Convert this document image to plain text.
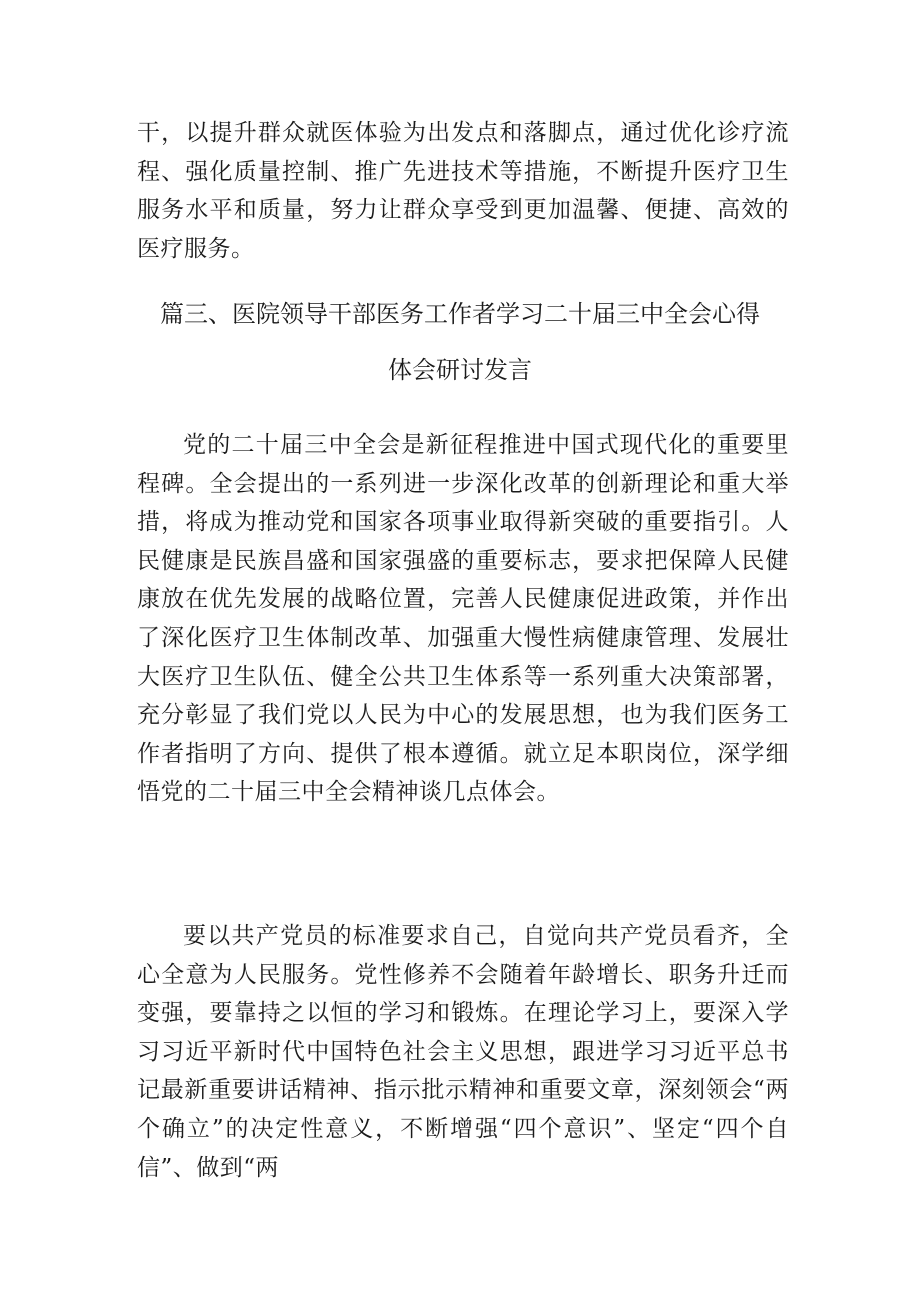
干，以提升群众就医体验为出发点和落脚点，通过优化诊疗流程、强化质量控制、推广先进技术等措施，不断提升医疗卫生服务水平和质量，努力让群众享受到更加温馨、便捷、高效的医疗服务。

篇三、医院领导干部医务工作者学习二十届三中全会心得
体会研讨发言

党的二十届三中全会是新征程推进中国式现代化的重要里程碑。全会提出的一系列进一步深化改革的创新理论和重大举措，将成为推动党和国家各项事业取得新突破的重要指引。人民健康是民族昌盛和国家强盛的重要标志，要求把保障人民健康放在优先发展的战略位置，完善人民健康促进政策，并作出了深化医疗卫生体制改革、加强重大慢性病健康管理、发展壮大医疗卫生队伍、健全公共卫生体系等一系列重大决策部署，充分彰显了我们党以人民为中心的发展思想，也为我们医务工作者指明了方向、提供了根本遵循。就立足本职岗位，深学细悟党的二十届三中全会精神谈几点体会。

要以共产党员的标准要求自己，自觉向共产党员看齐，全心全意为人民服务。党性修养不会随着年龄增长、职务升迁而变强，要靠持之以恒的学习和锻炼。在理论学习上，要深入学习习近平新时代中国特色社会主义思想，跟进学习习近平总书记最新重要讲话精神、指示批示精神和重要文章，深刻领会“两个确立”的决定性意义，不断增强“四个意识”、坚定“四个自信”、做到“两
